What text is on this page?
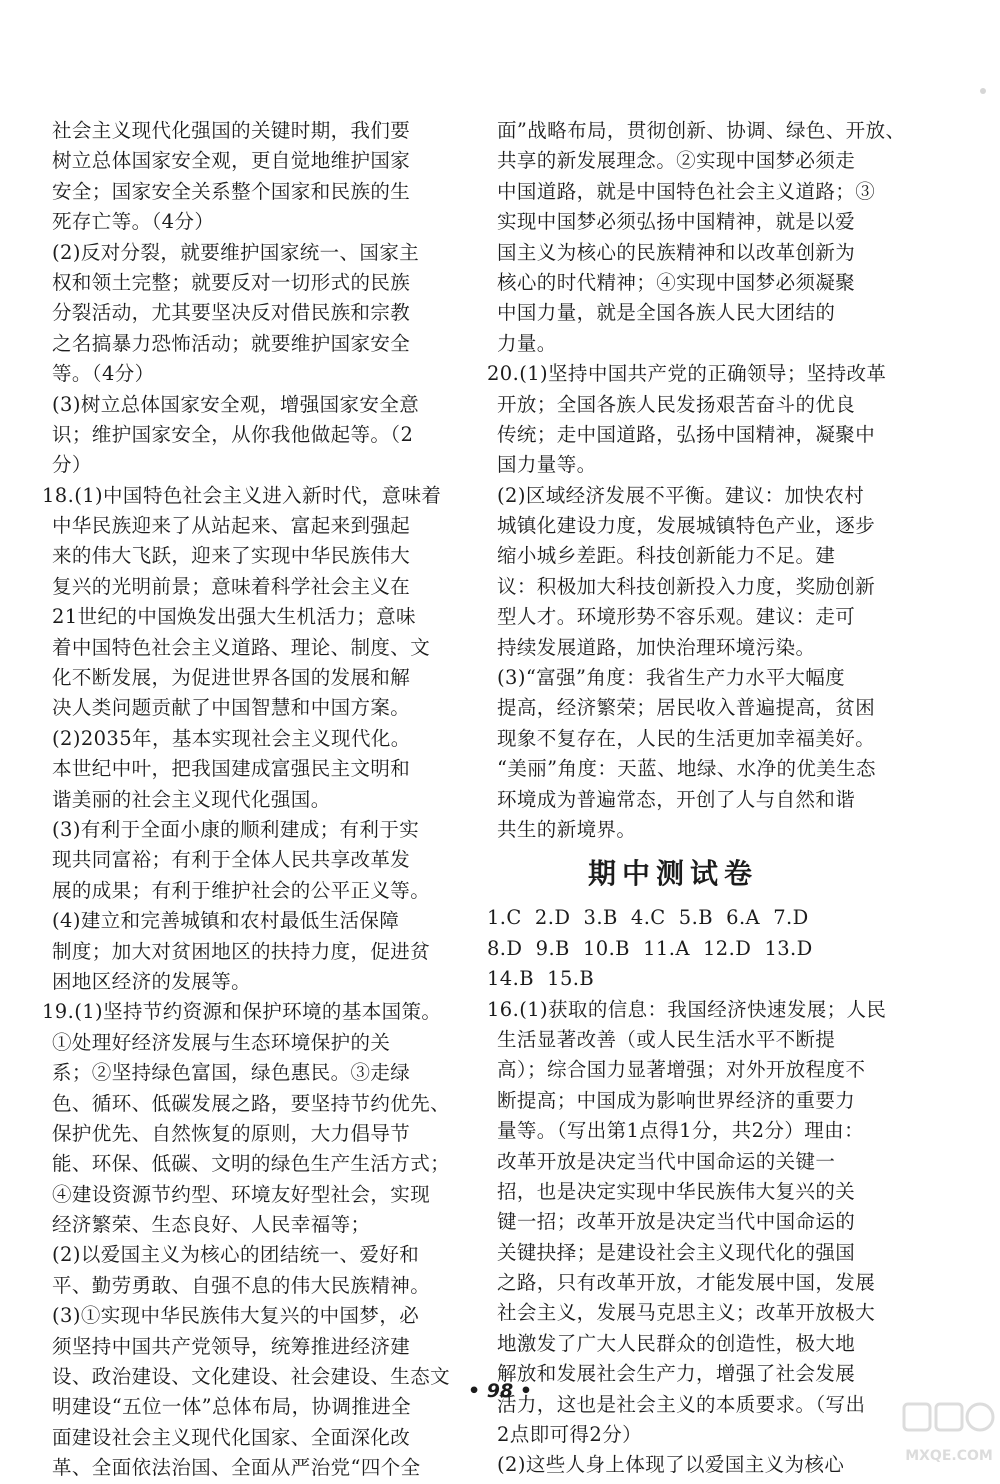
社会主义现代化强国的关键时期，我们要
树立总体国家安全观，更自觉地维护国家
安全；国家安全关系整个国家和民族的生
死存亡等。（4分）
(2)反对分裂，就要维护国家统一、国家主
权和领土完整；就要反对一切形式的民族
分裂活动，尤其要坚决反对借民族和宗教
之名搞暴力恐怖活动；就要维护国家安全
等。（4分）
(3)树立总体国家安全观，增强国家安全意
识；维护国家安全，从你我他做起等。（2
分）
18.(1)中国特色社会主义进入新时代，意味着
中华民族迎来了从站起来、富起来到强起
来的伟大飞跃，迎来了实现中华民族伟大
复兴的光明前景；意味着科学社会主义在
21世纪的中国焕发出强大生机活力；意味
着中国特色社会主义道路、理论、制度、文
化不断发展，为促进世界各国的发展和解
决人类问题贡献了中国智慧和中国方案。
(2)2035年，基本实现社会主义现代化。
本世纪中叶，把我国建成富强民主文明和
谐美丽的社会主义现代化强国。
(3)有利于全面小康的顺利建成；有利于实
现共同富裕；有利于全体人民共享改革发
展的成果；有利于维护社会的公平正义等。
(4)建立和完善城镇和农村最低生活保障
制度；加大对贫困地区的扶持力度，促进贫
困地区经济的发展等。
19.(1)坚持节约资源和保护环境的基本国策。
①处理好经济发展与生态环境保护的关
系；②坚持绿色富国，绿色惠民。③走绿
色、循环、低碳发展之路，要坚持节约优先、
保护优先、自然恢复的原则，大力倡导节
能、环保、低碳、文明的绿色生产生活方式；
④建设资源节约型、环境友好型社会，实现
经济繁荣、生态良好、人民幸福等；
(2)以爱国主义为核心的团结统一、爱好和
平、勤劳勇敢、自强不息的伟大民族精神。
(3)①实现中华民族伟大复兴的中国梦，必
须坚持中国共产党领导，统筹推进经济建
设、政治建设、文化建设、社会建设、生态文
明建设“五位一体”总体布局，协调推进全
面建设社会主义现代化国家、全面深化改
革、全面依法治国、全面从严治党“四个全
面”战略布局，贯彻创新、协调、绿色、开放、
共享的新发展理念。②实现中国梦必须走
中国道路，就是中国特色社会主义道路；③
实现中国梦必须弘扬中国精神，就是以爱
国主义为核心的民族精神和以改革创新为
核心的时代精神；④实现中国梦必须凝聚
中国力量，就是全国各族人民大团结的
力量。
20.(1)坚持中国共产党的正确领导；坚持改革
开放；全国各族人民发扬艰苦奋斗的优良
传统；走中国道路，弘扬中国精神，凝聚中
国力量等。
(2)区域经济发展不平衡。建议：加快农村
城镇化建设力度，发展城镇特色产业，逐步
缩小城乡差距。科技创新能力不足。建
议：积极加大科技创新投入力度，奖励创新
型人才。环境形势不容乐观。建议：走可
持续发展道路，加快治理环境污染。
(3)“富强”角度：我省生产力水平大幅度
提高，经济繁荣；居民收入普遍提高，贫困
现象不复存在，人民的生活更加幸福美好。
“美丽”角度：天蓝、地绿、水净的优美生态
环境成为普遍常态，开创了人与自然和谐
共生的新境界。
期中测试卷
1.C  2.D  3.B  4.C  5.B  6.A  7.D
8.D  9.B  10.B  11.A  12.D  13.D
14.B  15.B
16.(1)获取的信息：我国经济快速发展；人民
生活显著改善（或人民生活水平不断提
高）；综合国力显著增强；对外开放程度不
断提高；中国成为影响世界经济的重要力
量等。（写出第1点得1分，共2分）理由：
改革开放是决定当代中国命运的关键一
招，也是决定实现中华民族伟大复兴的关
键一招；改革开放是决定当代中国命运的
关键抉择；是建设社会主义现代化的强国
之路，只有改革开放，才能发展中国，发展
社会主义，发展马克思主义；改革开放极大
地激发了广大人民群众的创造性，极大地
解放和发展社会生产力，增强了社会发展
活力，这也是社会主义的本质要求。（写出
2点即可得2分）
(2)这些人身上体现了以爱国主义为核心
• 98 •
MXQE.COM
